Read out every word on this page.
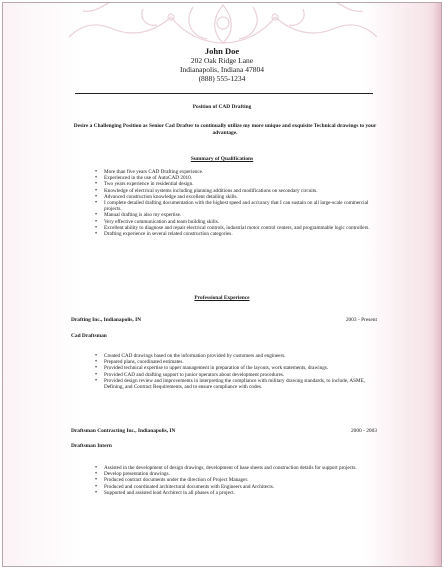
John Doe
202 Oak Ridge Lane
Indianapolis, Indiana 47804
(888) 555-1234
Position of CAD Drafting
Desire a Challenging Position as Senior Cad Drafter to continually utilize my more unique and exquisite Technical drawings to your advantage.
Summary of Qualifications
• More than five years CAD Drafting experience.
• Experienced in the use of AutoCAD 2010.
• Two years experience in residential design.
• Knowledge of electrical systems including planning additions and modifications on secondary circuits.
• Advanced construction knowledge and excellent detailing skills.
• I complete detailed drafting documentation with the highest speed and accuracy that I can sustain on all large-scale commercial projects.
• Manual drafting is also my expertise.
• Very effective communication and team building skills.
• Excellent ability to diagnose and repair electrical controls, industrial motor control centers, and programmable logic controllers.
• Drafting experience in several related construction categories.
Professional Experience
Drafting Inc., Indianapolis, IN	2003 - Present
Cad Draftsman
• Created CAD drawings based on the information provided by customers and engineers.
• Prepared plans, coordinated estimates.
• Provided technical expertise to upper management in preparation of the layouts, work statements, drawings.
• Provided CAD and drafting support to junior operators about development procedures.
• Provided design review and improvements in interpreting the compliance with military drawing standards, to include, ASME, Defining, and Contract Requirements, and to ensure compliance with codes.
Draftsman Contracting Inc., Indianapolis, IN	2000 - 2003
Draftsman Intern
• Assisted in the development of design drawings, development of base sheets and construction details for support projects.
• Develop presentation drawings.
• Produced contract documents under the direction of Project Manager.
• Produced and coordinated architectural documents with Engineers and Architects.
• Supported and assisted lead Architect in all phases of a project.
